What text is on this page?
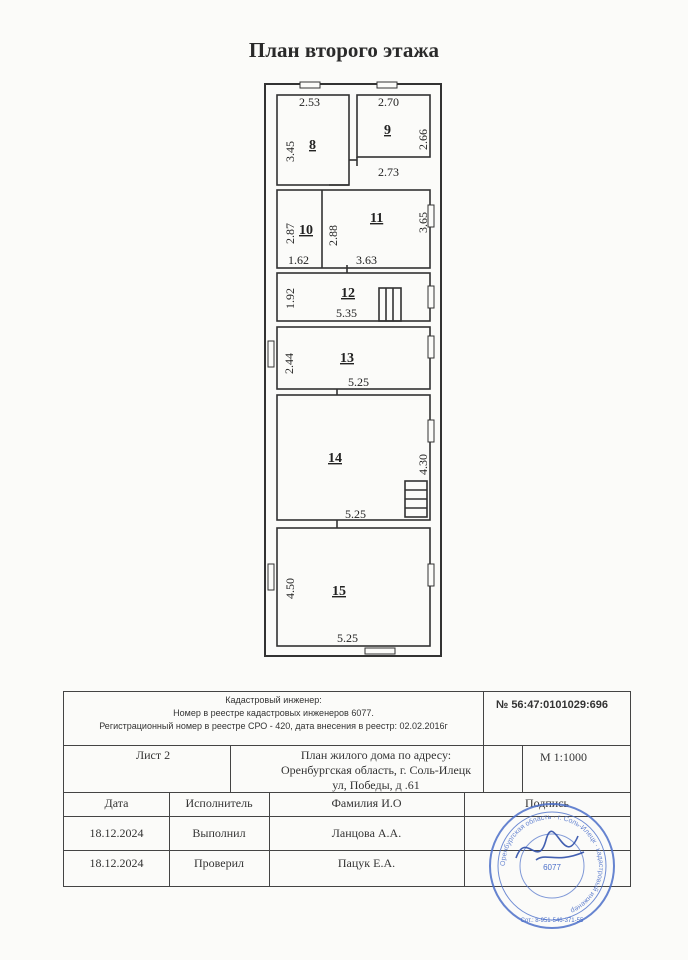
План второго этажа
2.53	2.70
3.45
2.66
2.73
2.87 2.88
3.65
1.62	3.63
1.92
5.35
2.44
5.25
4.30
5.25
4.50
5.25
8
9
10
11
12
13
14
15
Кадастровый инженер:
Номер в реестре кадастровых инженеров 6077.
Регистрационный номер в реестре СРО - 420, дата внесения в реестр: 02.02.2016г
№ 56:47:0101029:696
Лист 2	План жилого дома по адресу:
Оренбургская область, г. Соль-Илецк
ул, Победы, д .61
М 1:1000
Дата	Исполнитель	Фамилия И.О	Подпись
18.12.2024	Выполнил	Ланцова А.А.
18.12.2024	Проверил	Пацук Е.А.	Оренбургская область · г. Соль-Илецк · кадастровый инженер
6077
Сот.: 8-951-546-371-55
